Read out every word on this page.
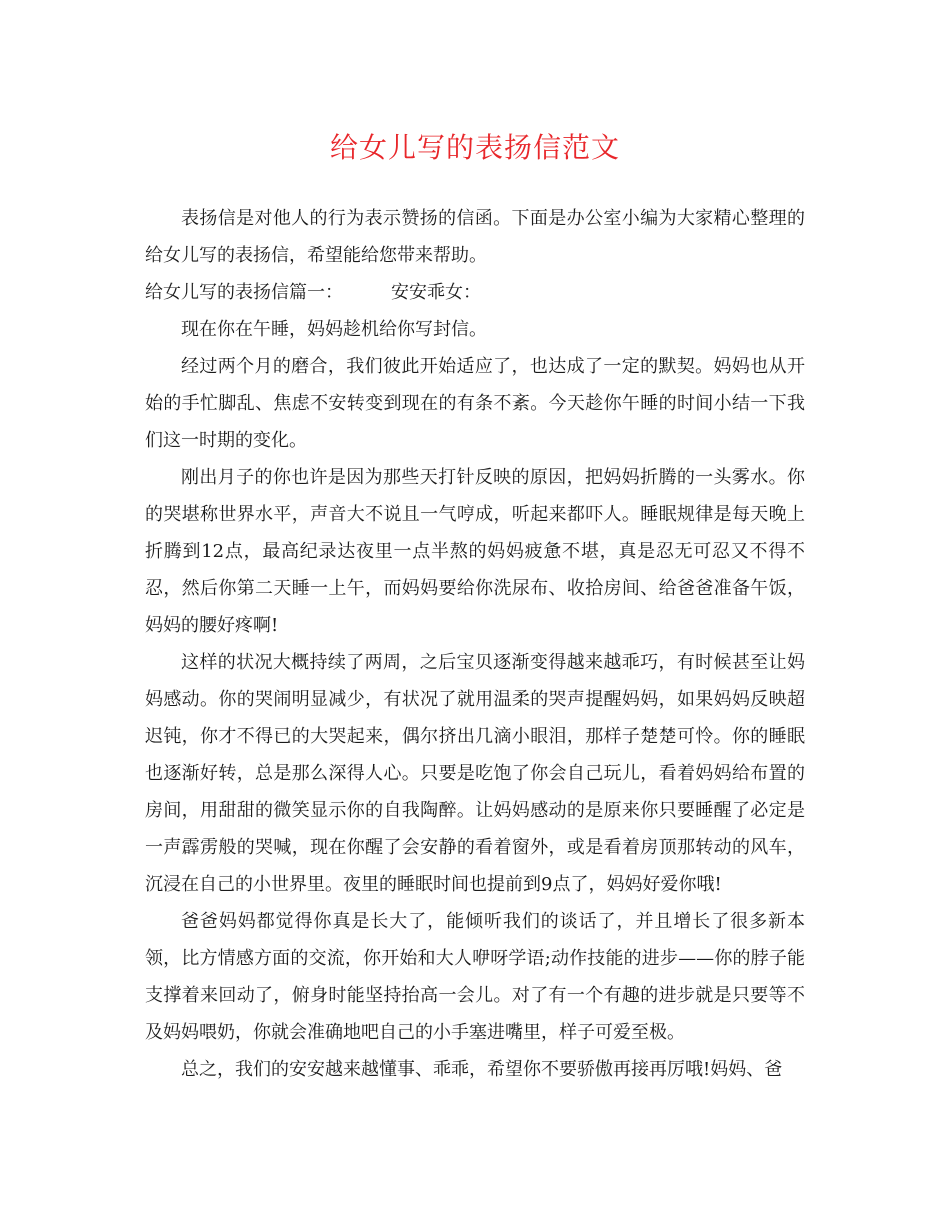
给女儿写的表扬信范文

表扬信是对他人的行为表示赞扬的信函。下面是办公室小编为大家精心整理的给女儿写的表扬信，希望能给您带来帮助。

给女儿写的表扬信篇一：	安安乖女：

现在你在午睡，妈妈趁机给你写封信。

经过两个月的磨合，我们彼此开始适应了，也达成了一定的默契。妈妈也从开始的手忙脚乱、焦虑不安转变到现在的有条不紊。今天趁你午睡的时间小结一下我们这一时期的变化。

刚出月子的你也许是因为那些天打针反映的原因，把妈妈折腾的一头雾水。你的哭堪称世界水平，声音大不说且一气哼成，听起来都吓人。睡眠规律是每天晚上折腾到12点，最高纪录达夜里一点半熬的妈妈疲惫不堪，真是忍无可忍又不得不忍，然后你第二天睡一上午，而妈妈要给你洗尿布、收拾房间、给爸爸准备午饭，妈妈的腰好疼啊!

这样的状况大概持续了两周，之后宝贝逐渐变得越来越乖巧，有时候甚至让妈妈感动。你的哭闹明显减少，有状况了就用温柔的哭声提醒妈妈，如果妈妈反映超迟钝，你才不得已的大哭起来，偶尔挤出几滴小眼泪，那样子楚楚可怜。你的睡眠也逐渐好转，总是那么深得人心。只要是吃饱了你会自己玩儿，看着妈妈给布置的房间，用甜甜的微笑显示你的自我陶醉。让妈妈感动的是原来你只要睡醒了必定是一声霹雳般的哭喊，现在你醒了会安静的看着窗外，或是看着房顶那转动的风车，沉浸在自己的小世界里。夜里的睡眠时间也提前到9点了，妈妈好爱你哦!

爸爸妈妈都觉得你真是长大了，能倾听我们的谈话了，并且增长了很多新本领，比方情感方面的交流，你开始和大人咿呀学语;动作技能的进步——你的脖子能支撑着来回动了，俯身时能坚持抬高一会儿。对了有一个有趣的进步就是只要等不及妈妈喂奶，你就会准确地吧自己的小手塞进嘴里，样子可爱至极。

总之，我们的安安越来越懂事、乖乖，希望你不要骄傲再接再厉哦!妈妈、爸
